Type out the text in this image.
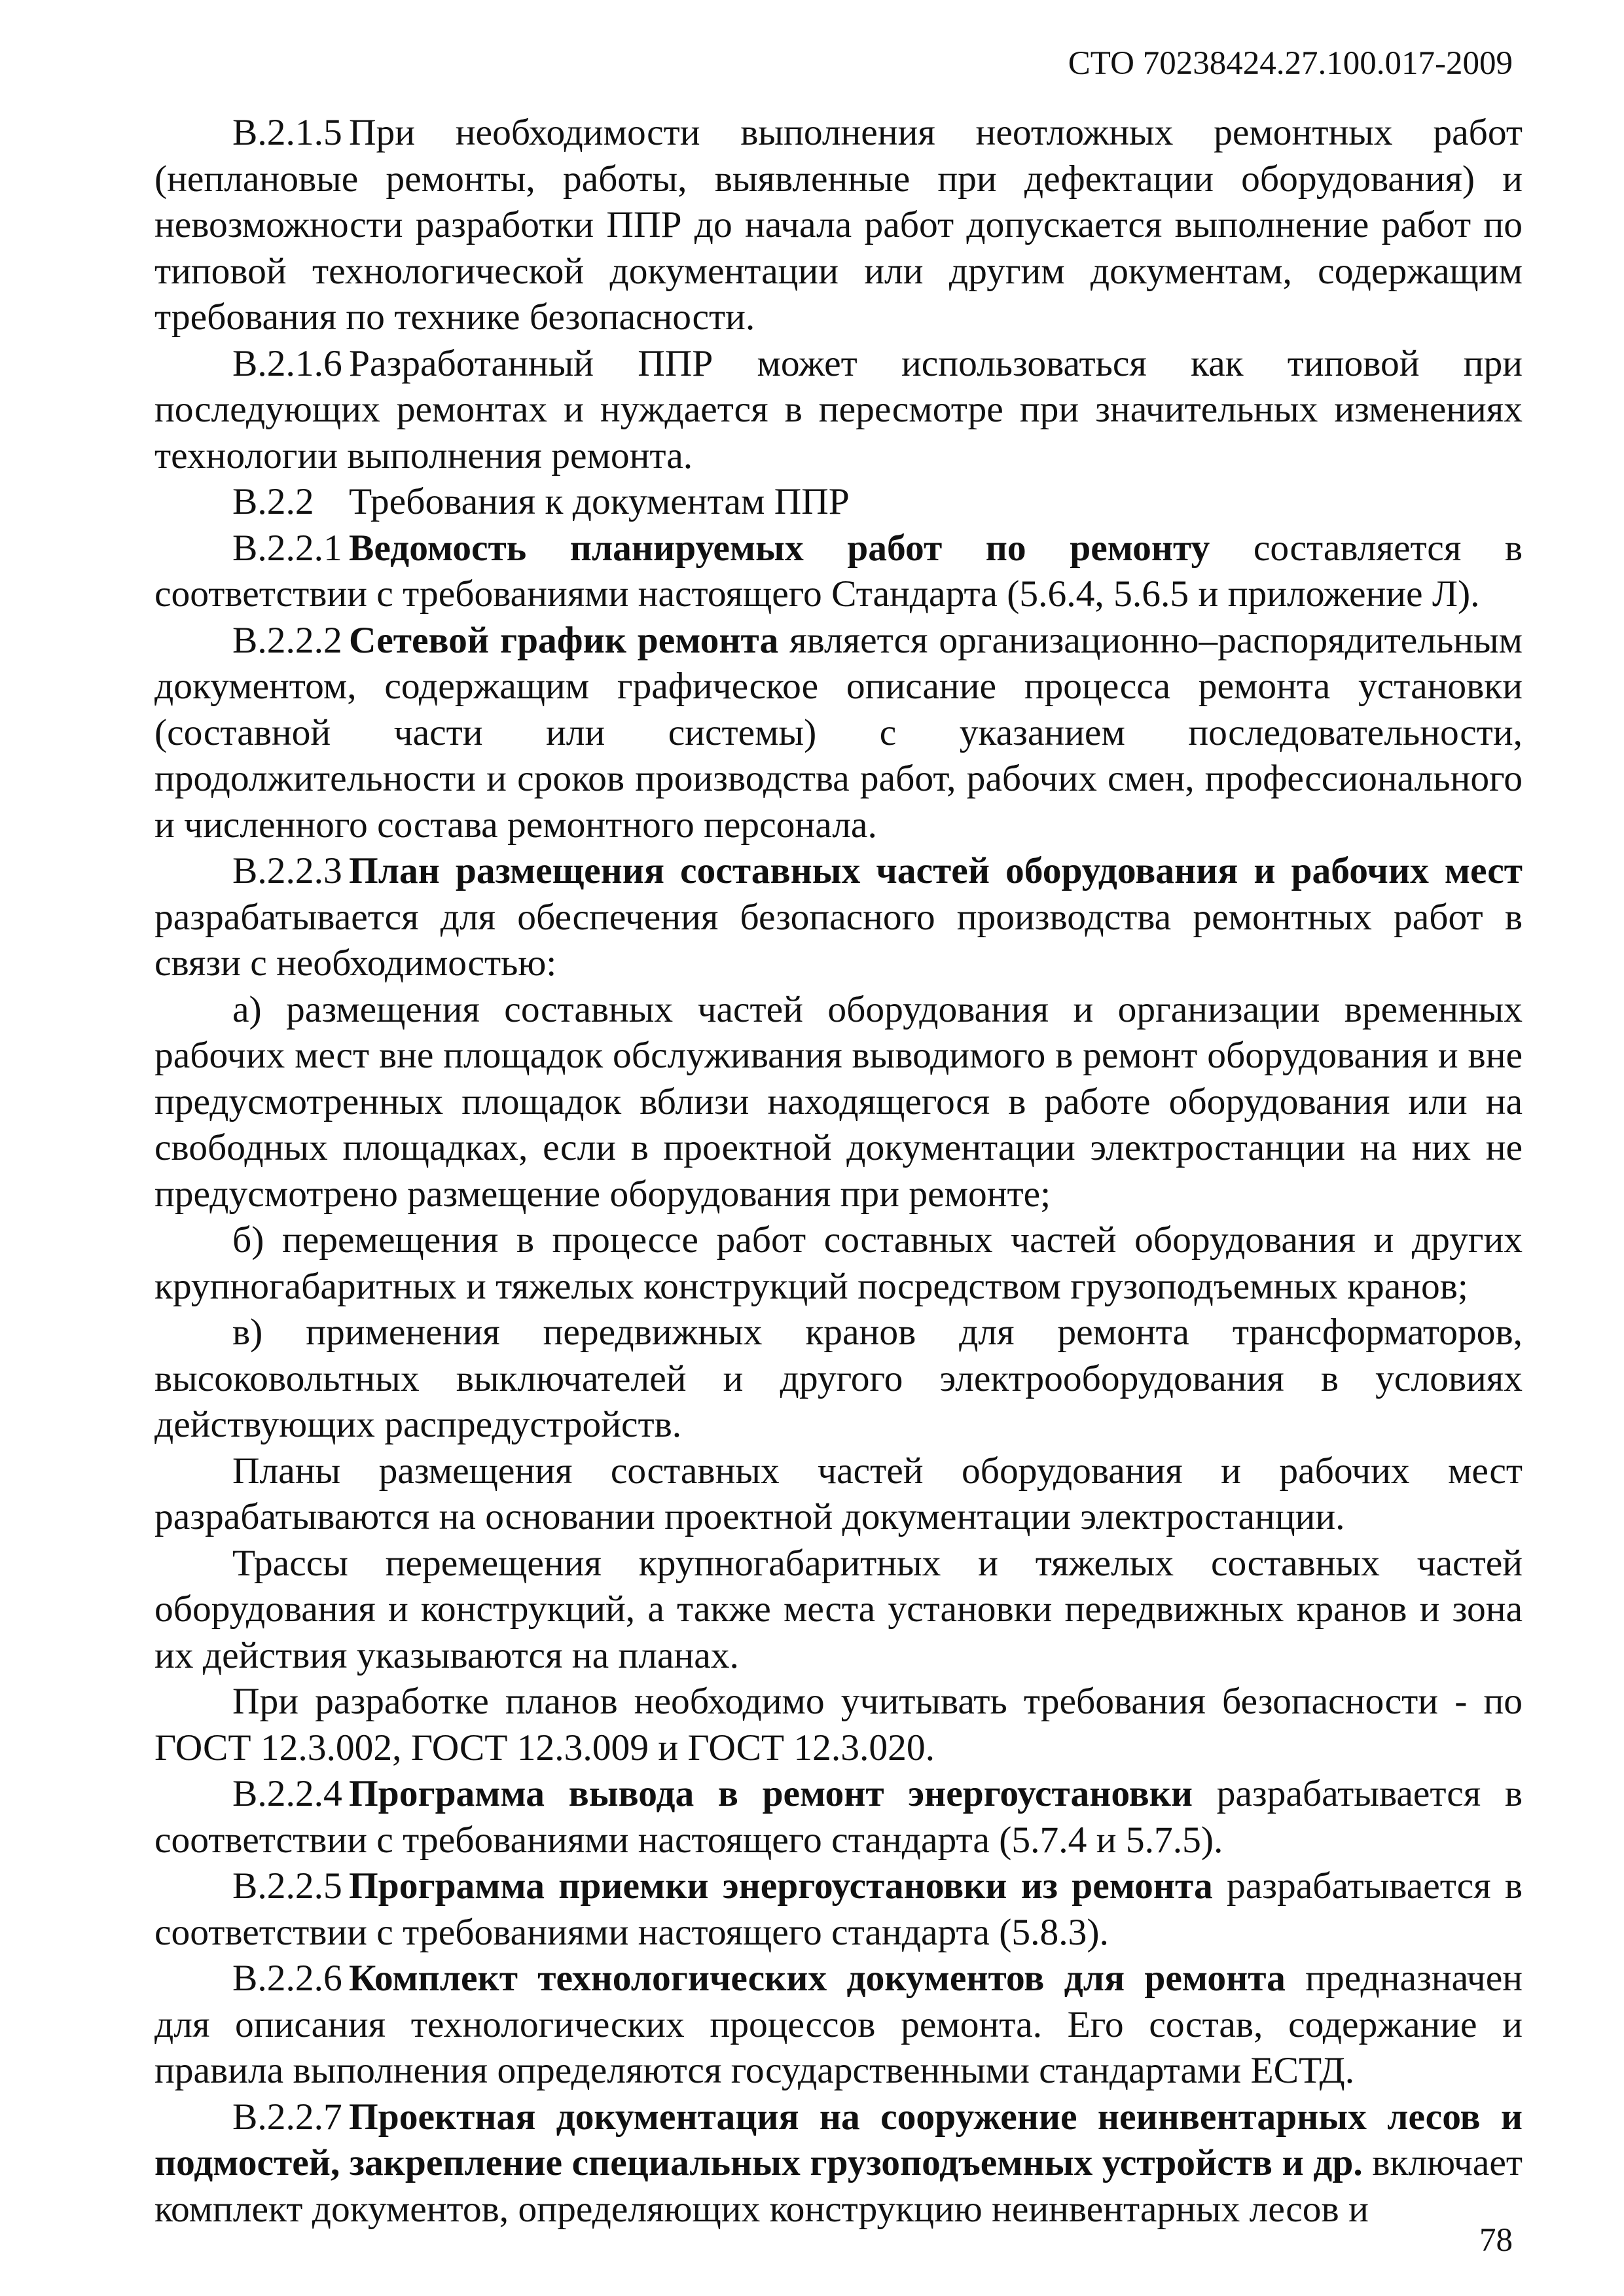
СТО 70238424.27.100.017-2009

В.2.1.5 При необходимости выполнения неотложных ремонтных работ (неплановые ремонты, работы, выявленные при дефектации оборудования) и невозможности разработки ППР до начала работ допускается выполнение работ по типовой технологической документации или другим документам, содержащим требования по технике безопасности.

В.2.1.6 Разработанный ППР может использоваться как типовой при последующих ремонтах и нуждается в пересмотре при значительных изменениях технологии выполнения ремонта.

В.2.2 Требования к документам ППР

В.2.2.1 Ведомость планируемых работ по ремонту составляется в соответствии с требованиями настоящего Стандарта (5.6.4, 5.6.5 и приложение Л).

В.2.2.2 Сетевой график ремонта является организационно–распорядительным документом, содержащим графическое описание процесса ремонта установки (составной части или системы) с указанием последовательности, продолжительности и сроков производства работ, рабочих смен, профессионального и численного состава ремонтного персонала.

В.2.2.3 План размещения составных частей оборудования и рабочих мест разрабатывается для обеспечения безопасного производства ремонтных работ в связи с необходимостью:

а) размещения составных частей оборудования и организации временных рабочих мест вне площадок обслуживания выводимого в ремонт оборудования и вне предусмотренных площадок вблизи находящегося в работе оборудования или на свободных площадках, если в проектной документации электростанции на них не предусмотрено размещение оборудования при ремонте;

б) перемещения в процессе работ составных частей оборудования и других крупногабаритных и тяжелых конструкций посредством грузоподъемных кранов;

в) применения передвижных кранов для ремонта трансформаторов, высоковольтных выключателей и другого электрооборудования в условиях действующих распредустройств.

Планы размещения составных частей оборудования и рабочих мест разрабатываются на основании проектной документации электростанции.

Трассы перемещения крупногабаритных и тяжелых составных частей оборудования и конструкций, а также места установки передвижных кранов и зона их действия указываются на планах.

При разработке планов необходимо учитывать требования безопасности - по ГОСТ 12.3.002, ГОСТ 12.3.009 и ГОСТ 12.3.020.

В.2.2.4 Программа вывода в ремонт энергоустановки разрабатывается в соответствии с требованиями настоящего стандарта (5.7.4 и 5.7.5).

В.2.2.5 Программа приемки энергоустановки из ремонта разрабатывается в соответствии с требованиями настоящего стандарта (5.8.3).

В.2.2.6 Комплект технологических документов для ремонта предназначен для описания технологических процессов ремонта. Его состав, содержание и правила выполнения определяются государственными стандартами ЕСТД.

В.2.2.7 Проектная документация на сооружение неинвентарных лесов и подмостей, закрепление специальных грузоподъемных устройств и др. включает комплект документов, определяющих конструкцию неинвентарных лесов и

78
